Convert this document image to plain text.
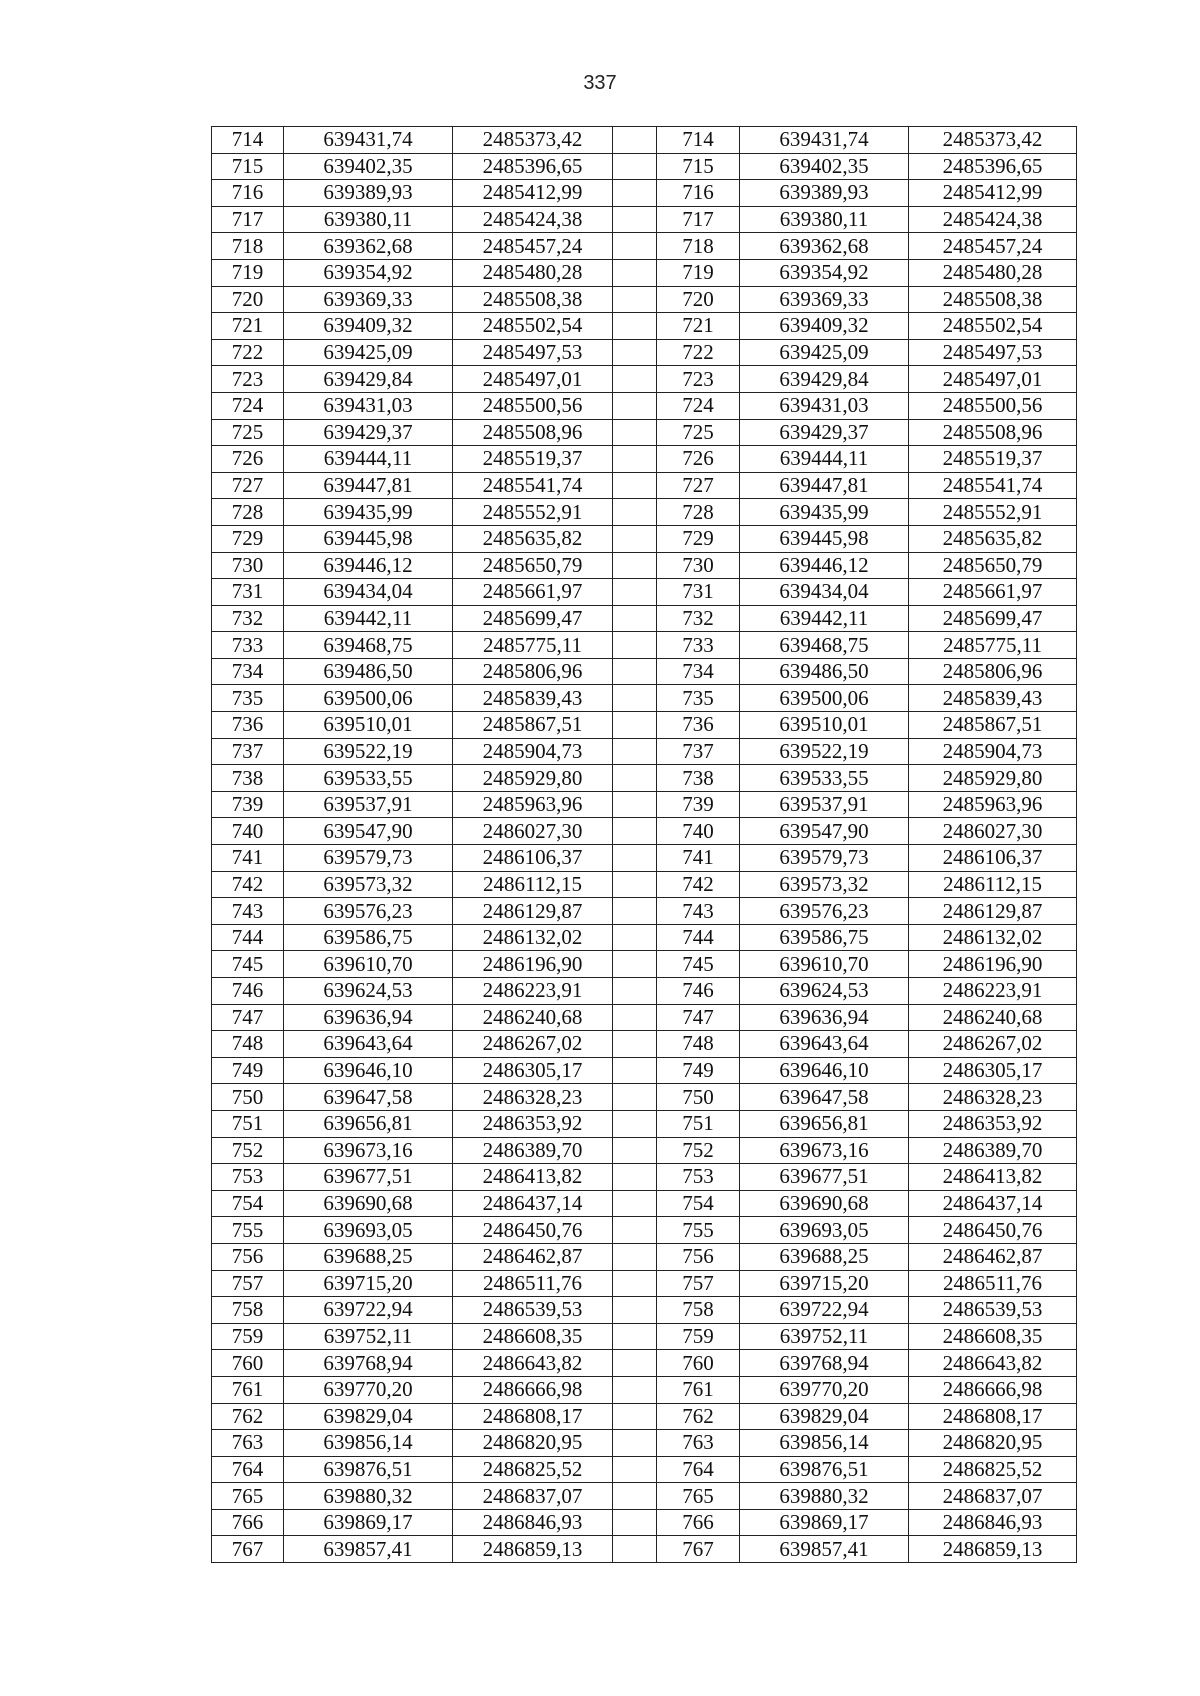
337
714	639431,74	2485373,42		714	639431,74	2485373,42
715	639402,35	2485396,65		715	639402,35	2485396,65
716	639389,93	2485412,99		716	639389,93	2485412,99
717	639380,11	2485424,38		717	639380,11	2485424,38
718	639362,68	2485457,24		718	639362,68	2485457,24
719	639354,92	2485480,28		719	639354,92	2485480,28
720	639369,33	2485508,38		720	639369,33	2485508,38
721	639409,32	2485502,54		721	639409,32	2485502,54
722	639425,09	2485497,53		722	639425,09	2485497,53
723	639429,84	2485497,01		723	639429,84	2485497,01
724	639431,03	2485500,56		724	639431,03	2485500,56
725	639429,37	2485508,96		725	639429,37	2485508,96
726	639444,11	2485519,37		726	639444,11	2485519,37
727	639447,81	2485541,74		727	639447,81	2485541,74
728	639435,99	2485552,91		728	639435,99	2485552,91
729	639445,98	2485635,82		729	639445,98	2485635,82
730	639446,12	2485650,79		730	639446,12	2485650,79
731	639434,04	2485661,97		731	639434,04	2485661,97
732	639442,11	2485699,47		732	639442,11	2485699,47
733	639468,75	2485775,11		733	639468,75	2485775,11
734	639486,50	2485806,96		734	639486,50	2485806,96
735	639500,06	2485839,43		735	639500,06	2485839,43
736	639510,01	2485867,51		736	639510,01	2485867,51
737	639522,19	2485904,73		737	639522,19	2485904,73
738	639533,55	2485929,80		738	639533,55	2485929,80
739	639537,91	2485963,96		739	639537,91	2485963,96
740	639547,90	2486027,30		740	639547,90	2486027,30
741	639579,73	2486106,37		741	639579,73	2486106,37
742	639573,32	2486112,15		742	639573,32	2486112,15
743	639576,23	2486129,87		743	639576,23	2486129,87
744	639586,75	2486132,02		744	639586,75	2486132,02
745	639610,70	2486196,90		745	639610,70	2486196,90
746	639624,53	2486223,91		746	639624,53	2486223,91
747	639636,94	2486240,68		747	639636,94	2486240,68
748	639643,64	2486267,02		748	639643,64	2486267,02
749	639646,10	2486305,17		749	639646,10	2486305,17
750	639647,58	2486328,23		750	639647,58	2486328,23
751	639656,81	2486353,92		751	639656,81	2486353,92
752	639673,16	2486389,70		752	639673,16	2486389,70
753	639677,51	2486413,82		753	639677,51	2486413,82
754	639690,68	2486437,14		754	639690,68	2486437,14
755	639693,05	2486450,76		755	639693,05	2486450,76
756	639688,25	2486462,87		756	639688,25	2486462,87
757	639715,20	2486511,76		757	639715,20	2486511,76
758	639722,94	2486539,53		758	639722,94	2486539,53
759	639752,11	2486608,35		759	639752,11	2486608,35
760	639768,94	2486643,82		760	639768,94	2486643,82
761	639770,20	2486666,98		761	639770,20	2486666,98
762	639829,04	2486808,17		762	639829,04	2486808,17
763	639856,14	2486820,95		763	639856,14	2486820,95
764	639876,51	2486825,52		764	639876,51	2486825,52
765	639880,32	2486837,07		765	639880,32	2486837,07
766	639869,17	2486846,93		766	639869,17	2486846,93
767	639857,41	2486859,13		767	639857,41	2486859,13
